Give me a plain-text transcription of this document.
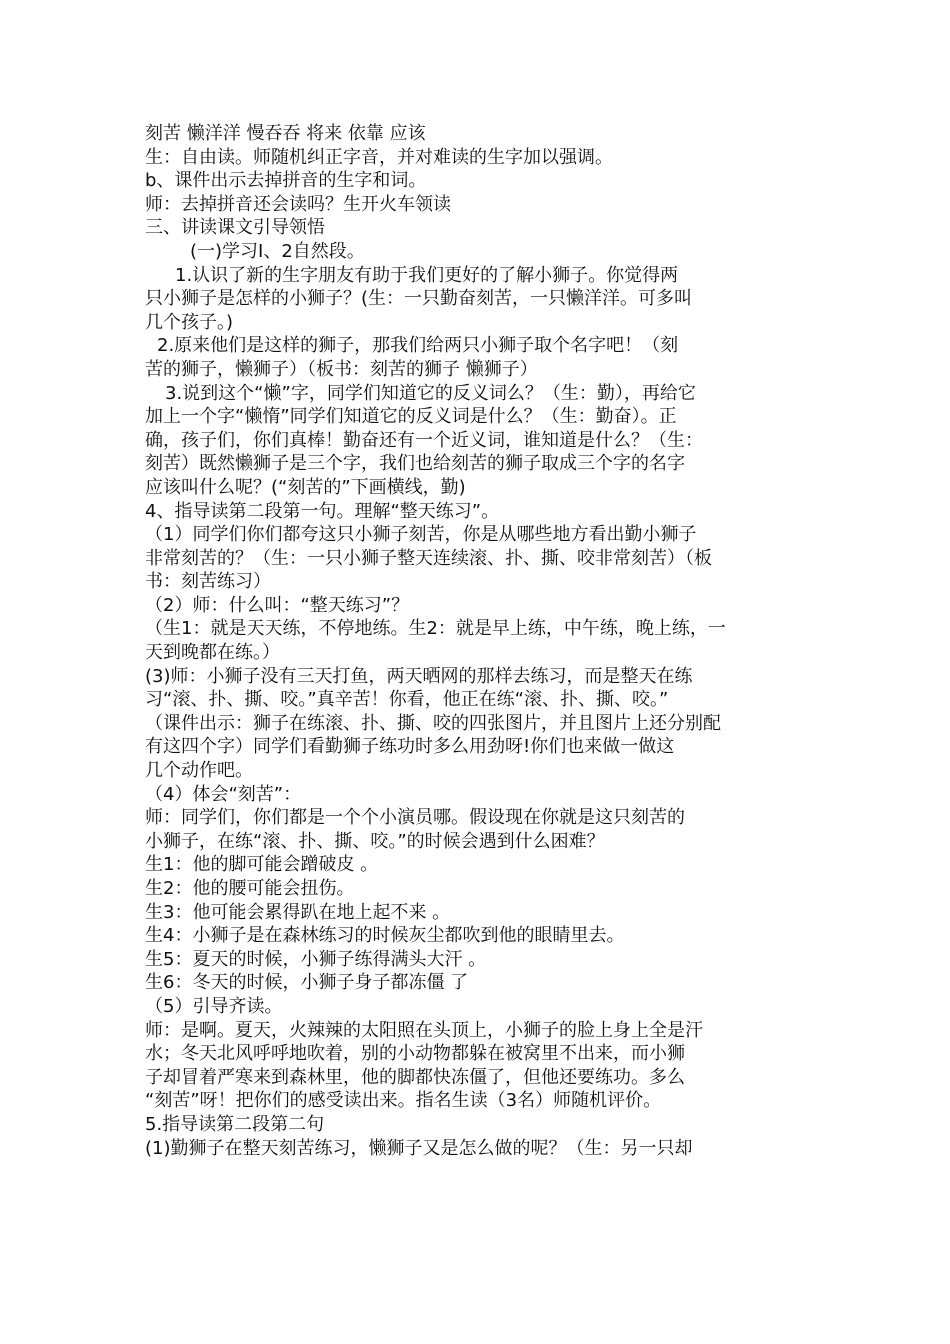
刻苦 懒洋洋 慢吞吞 将来 依靠 应该
生：自由读。师随机纠正字音，并对难读的生字加以强调。
b、课件出示去掉拼音的生字和词。
师：去掉拼音还会读吗？生开火车领读
三、讲读课文引导领悟
(一)学习Ⅰ、2自然段。
1.认识了新的生字朋友有助于我们更好的了解小狮子。你觉得两
只小狮子是怎样的小狮子？(生：一只勤奋刻苦，一只懒洋洋。可多叫
几个孩子。)
2.原来他们是这样的狮子，那我们给两只小狮子取个名字吧！（刻
苦的狮子，懒狮子）（板书：刻苦的狮子 懒狮子）
3.说到这个“懒”字，同学们知道它的反义词么？（生：勤），再给它
加上一个字“懒惰”同学们知道它的反义词是什么？（生：勤奋）。正
确，孩子们，你们真棒！勤奋还有一个近义词，谁知道是什么？（生：
刻苦）既然懒狮子是三个字，我们也给刻苦的狮子取成三个字的名字
应该叫什么呢？(“刻苦的”下画横线，勤)
4、指导读第二段第一句。理解“整天练习”。
（1）同学们你们都夸这只小狮子刻苦，你是从哪些地方看出勤小狮子
非常刻苦的？（生：一只小狮子整天连续滚、扑、撕、咬非常刻苦）（板
书：刻苦练习）
（2）师：什么叫：“整天练习”？
（生1：就是天天练，不停地练。生2：就是早上练，中午练，晚上练，一
天到晚都在练。）
(3)师：小狮子没有三天打鱼，两天晒网的那样去练习，而是整天在练
习“滚、扑、撕、咬。”真辛苦！你看，他正在练“滚、扑、撕、咬。”
（课件出示：狮子在练滚、扑、撕、咬的四张图片，并且图片上还分别配
有这四个字）同学们看勤狮子练功时多么用劲呀!你们也来做一做这
几个动作吧。
（4）体会“刻苦”：
师：同学们，你们都是一个个小演员哪。假设现在你就是这只刻苦的
小狮子，在练“滚、扑、撕、咬。”的时候会遇到什么困难？
生1：他的脚可能会蹭破皮 。
生2：他的腰可能会扭伤。
生3：他可能会累得趴在地上起不来 。
生4：小狮子是在森林练习的时候灰尘都吹到他的眼睛里去。
生5：夏天的时候，小狮子练得满头大汗 。
生6：冬天的时候，小狮子身子都冻僵 了
（5）引导齐读。
师：是啊。夏天，火辣辣的太阳照在头顶上，小狮子的脸上身上全是汗
水；冬天北风呼呼地吹着，别的小动物都躲在被窝里不出来，而小狮
子却冒着严寒来到森林里，他的脚都快冻僵了，但他还要练功。多么
“刻苦”呀！把你们的感受读出来。指名生读（3名）师随机评价。
5.指导读第二段第二句
(1)勤狮子在整天刻苦练习，懒狮子又是怎么做的呢？（生：另一只却
